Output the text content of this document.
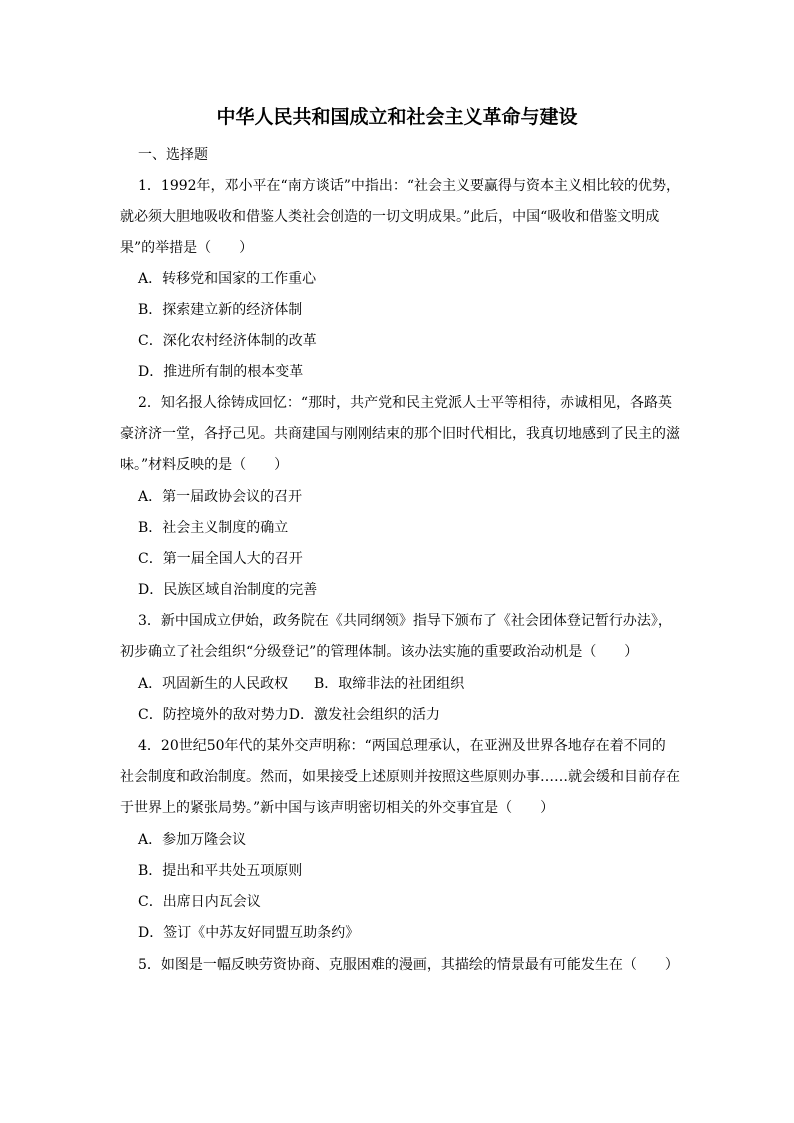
中华人民共和国成立和社会主义革命与建设
一、选择题
1．1992年，邓小平在“南方谈话”中指出：“社会主义要赢得与资本主义相比较的优势，
就必须大胆地吸收和借鉴人类社会创造的一切文明成果。”此后，中国“吸收和借鉴文明成
果”的举措是（　　）
A．转移党和国家的工作重心
B．探索建立新的经济体制
C．深化农村经济体制的改革
D．推进所有制的根本变革
2．知名报人徐铸成回忆：“那时，共产党和民主党派人士平等相待，赤诚相见，各路英
豪济济一堂，各抒己见。共商建国与刚刚结束的那个旧时代相比，我真切地感到了民主的滋
味。”材料反映的是（　　）
A．第一届政协会议的召开
B．社会主义制度的确立
C．第一届全国人大的召开
D．民族区域自治制度的完善
3．新中国成立伊始，政务院在《共同纲领》指导下颁布了《社会团体登记暂行办法》，
初步确立了社会组织“分级登记”的管理体制。该办法实施的重要政治动机是（　　）
A．巩固新生的人民政权 B．取缔非法的社团组织
C．防控境外的敌对势力D．激发社会组织的活力
4．20世纪50年代的某外交声明称：“两国总理承认，在亚洲及世界各地存在着不同的
社会制度和政治制度。然而，如果接受上述原则并按照这些原则办事……就会缓和目前存在
于世界上的紧张局势。”新中国与该声明密切相关的外交事宜是（　　）
A．参加万隆会议
B．提出和平共处五项原则
C．出席日内瓦会议
D．签订《中苏友好同盟互助条约》
5．如图是一幅反映劳资协商、克服困难的漫画，其描绘的情景最有可能发生在（　　）
